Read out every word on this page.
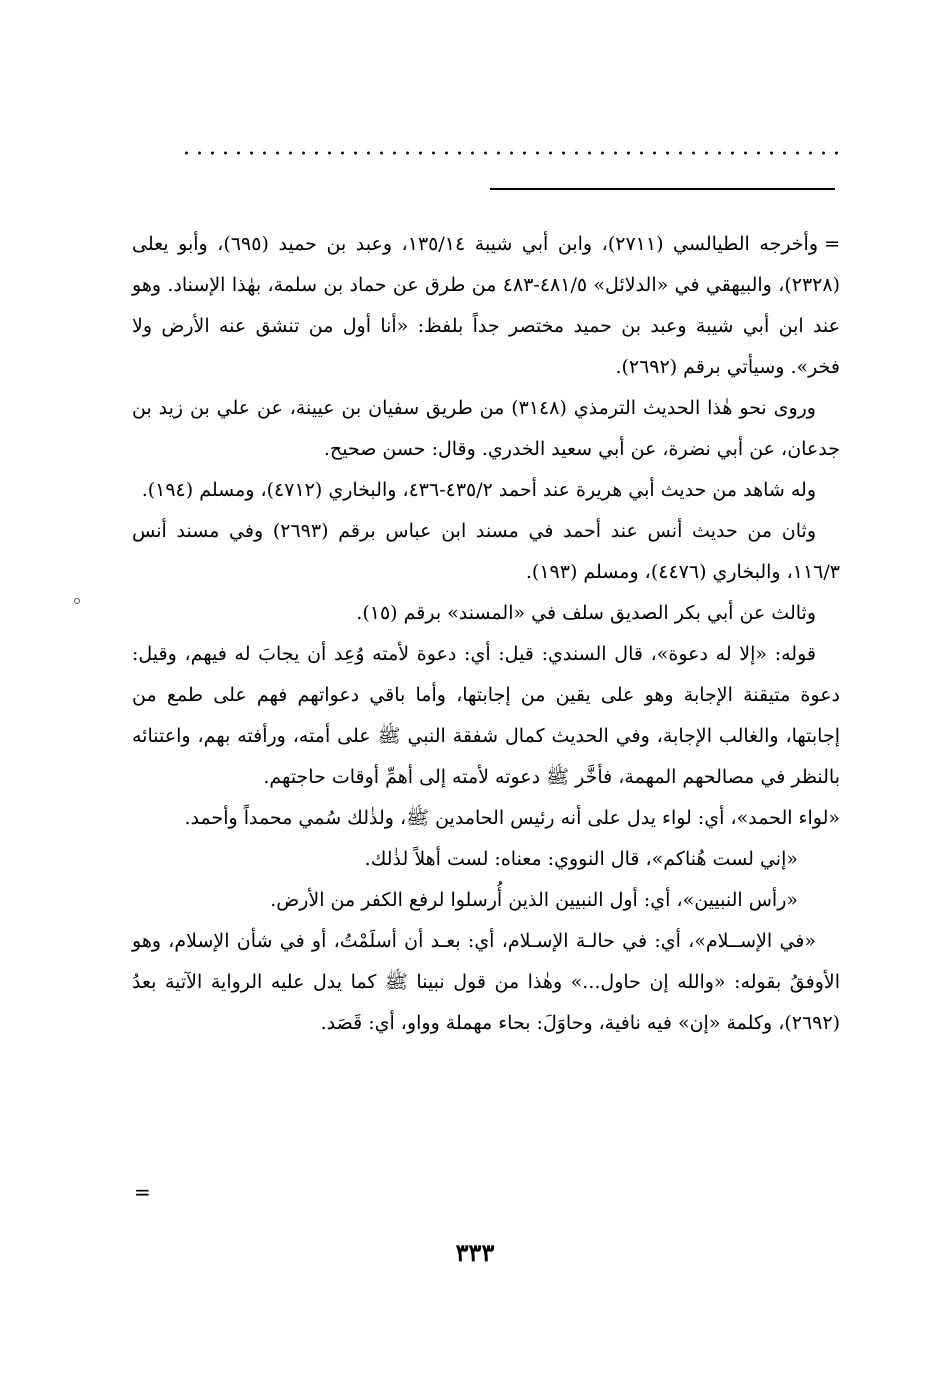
=وأخرجه الطيالسي (٢٧١١)، وابن أبي شيبة ١٣٥/١٤، وعبد بن حميد (٦٩٥)، وأبو يعلى (٢٣٢٨)، والبيهقي في «الدلائل» ٤٨١/٥-٤٨٣ من طرق عن حماد بن سلمة، بهٰذا الإسناد. وهو عند ابن أبي شيبة وعبد بن حميد مختصر جداً بلفظ: «أنا أول من تنشق عنه الأرض ولا فخر». وسيأتي برقم (٢٦٩٢).

وروى نحو هٰذا الحديث الترمذي (٣١٤٨) من طريق سفيان بن عيينة، عن علي بن زيد بن جدعان، عن أبي نضرة، عن أبي سعيد الخدري. وقال: حسن صحيح.

وله شاهد من حديث أبي هريرة عند أحمد ٤٣٥/٢-٤٣٦، والبخاري (٤٧١٢)، ومسلم (١٩٤).

وثان من حديث أنس عند أحمد في مسند ابن عباس برقم (٢٦٩٣) وفي مسند أنس ١١٦/٣، والبخاري (٤٤٧٦)، ومسلم (١٩٣).

وثالث عن أبي بكر الصديق سلف في «المسند» برقم (١٥).

قوله: «إلا له دعوة»، قال السندي: قيل: أي: دعوة لأمته وُعِد أن يجابَ له فيهم، وقيل: دعوة متيقنة الإجابة وهو على يقين من إجابتها، وأما باقي دعواتهم فهم على طمع من إجابتها، والغالب الإجابة، وفي الحديث كمال شفقة النبي ﷺ على أمته، ورأفته بهم، واعتنائه بالنظر في مصالحهم المهمة، فأخَّر ﷺ دعوته لأمته إلى أهمِّ أوقات حاجتهم.

«لواء الحمد»، أي: لواء يدل على أنه رئيس الحامدين ﷺ، ولذٰلك سُمي محمداً وأحمد.

«إني لست هُناكم»، قال النووي: معناه: لست أهلاً لذٰلك.

«رأس النبيين»، أي: أول النبيين الذين أُرسلوا لرفع الكفر من الأرض.

«في الإســلام»، أي: في حالـة الإسـلام، أي: بعـد أن أسلَمْتُ، أو في شأن الإسلام، وهو الأوفقُ بقوله: «والله إن حاول...» وهٰذا من قول نبينا ﷺ كما يدل عليه الرواية الآتية بعدُ (٢٦٩٢)، وكلمة «إن» فيه نافية، وحاوَلَ: بحاء مهملة وواو، أي: قَصَد.

=
٣٣٣
